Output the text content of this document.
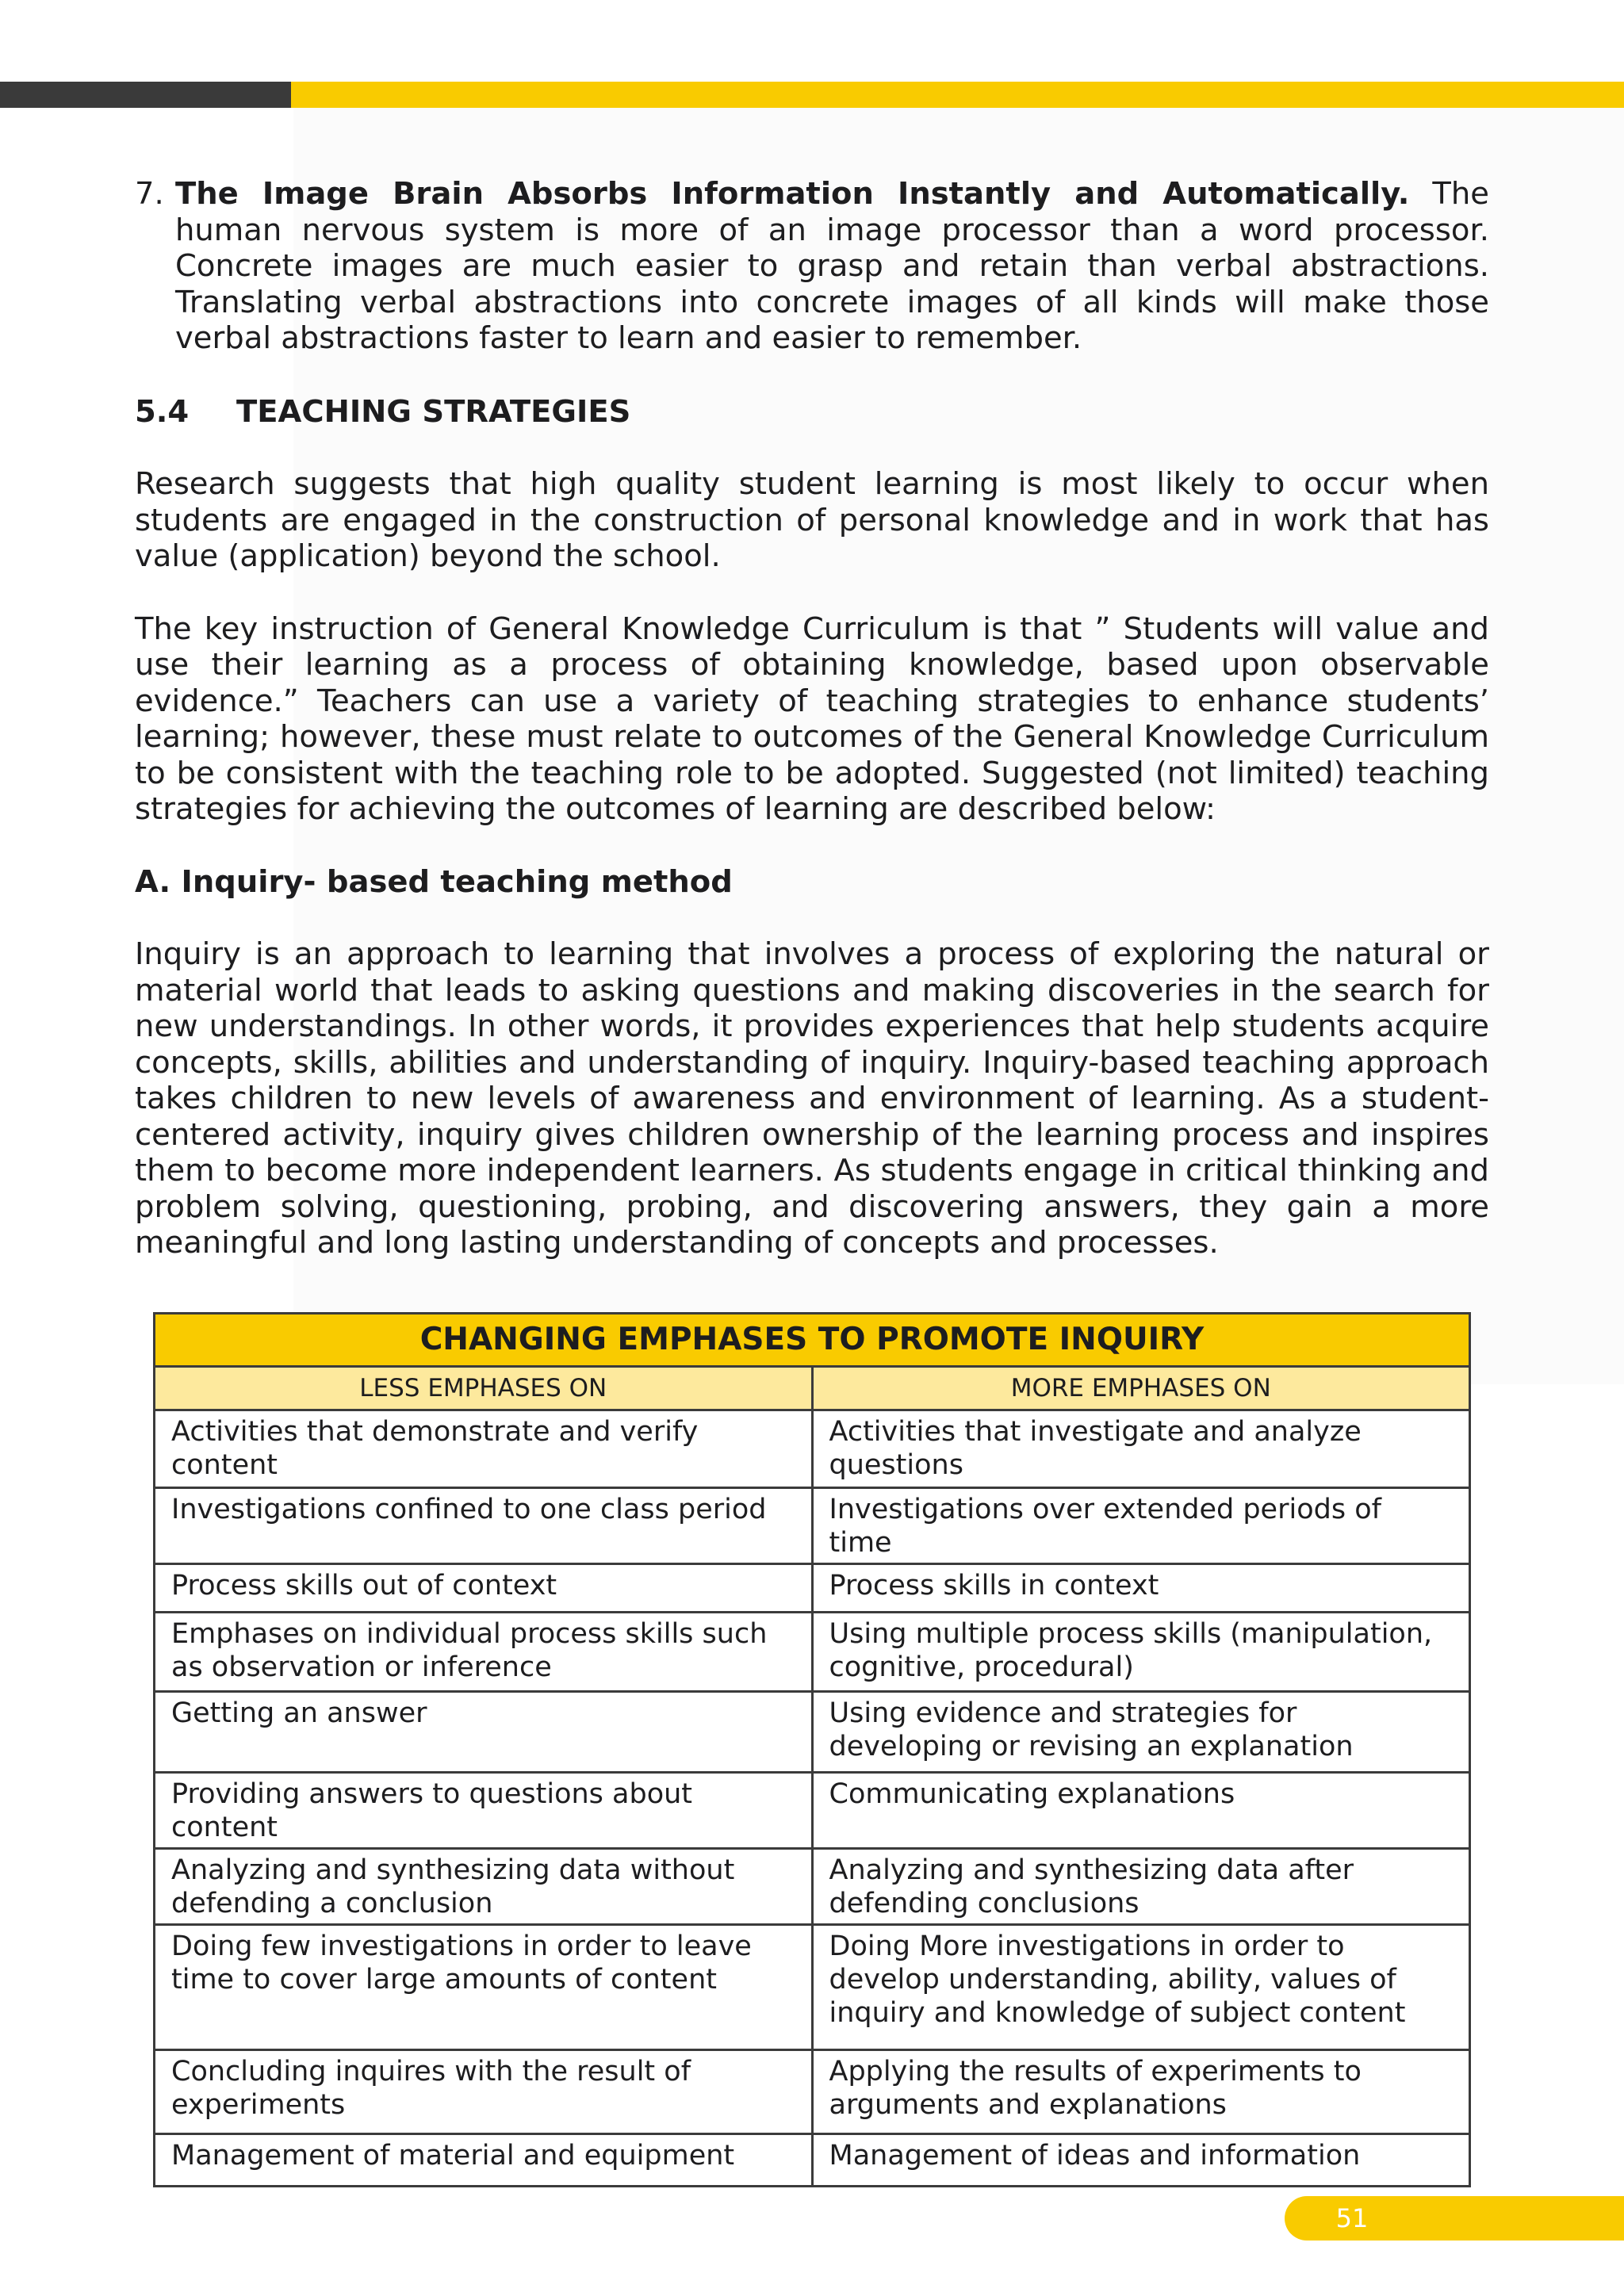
7. The Image Brain Absorbs Information Instantly and Automatically. The human nervous system is more of an image processor than a word processor. Concrete images are much easier to grasp and retain than verbal abstractions. Translating verbal abstractions into concrete images of all kinds will make those verbal abstractions faster to learn and easier to remember.
5.4	TEACHING STRATEGIES

Research suggests that high quality student learning is most likely to occur when students are engaged in the construction of personal knowledge and in work that has value (application) beyond the school.

The key instruction of General Knowledge Curriculum is that ” Students will value and use their learning as a process of obtaining knowledge, based upon observable evidence.” Teachers can use a variety of teaching strategies to enhance students’ learning; however, these must relate to outcomes of the General Knowledge Curriculum to be consistent with the teaching role to be adopted. Suggested (not limited) teaching strategies for achieving the outcomes of learning are described below:

A. Inquiry- based teaching method

Inquiry is an approach to learning that involves a process of exploring the natural or material world that leads to asking questions and making discoveries in the search for new understandings. In other words, it provides experiences that help students acquire concepts, skills, abilities and understanding of inquiry. Inquiry-based teaching approach takes children to new levels of awareness and environment of learning. As a student-centered activity, inquiry gives children ownership of the learning process and inspires them to become more independent learners. As students engage in critical thinking and problem solving, questioning, probing, and discovering answers, they gain a more meaningful and long lasting understanding of concepts and processes.

CHANGING EMPHASES TO PROMOTE INQUIRY	
LESS EMPHASES ON	MORE EMPHASES ON
Activities that demonstrate and verify content	Activities that investigate and analyze questions
Investigations confined to one class period	Investigations over extended periods of time
Process skills out of context	Process skills in context
Emphases on individual process skills such as observation or inference	Using multiple process skills (manipulation, cognitive, procedural)
Getting an answer	Using evidence and strategies for developing or revising an explanation
Providing answers to questions about content	Communicating explanations
Analyzing and synthesizing data without defending a conclusion	Analyzing and synthesizing data after defending conclusions
Doing few investigations in order to leave time to cover large amounts of content	Doing More investigations in order to develop understanding, ability, values of inquiry and knowledge of subject content
Concluding inquires with the result of experiments	Applying the results of experiments to arguments and explanations
Management of material and equipment	Management of ideas and information
51
